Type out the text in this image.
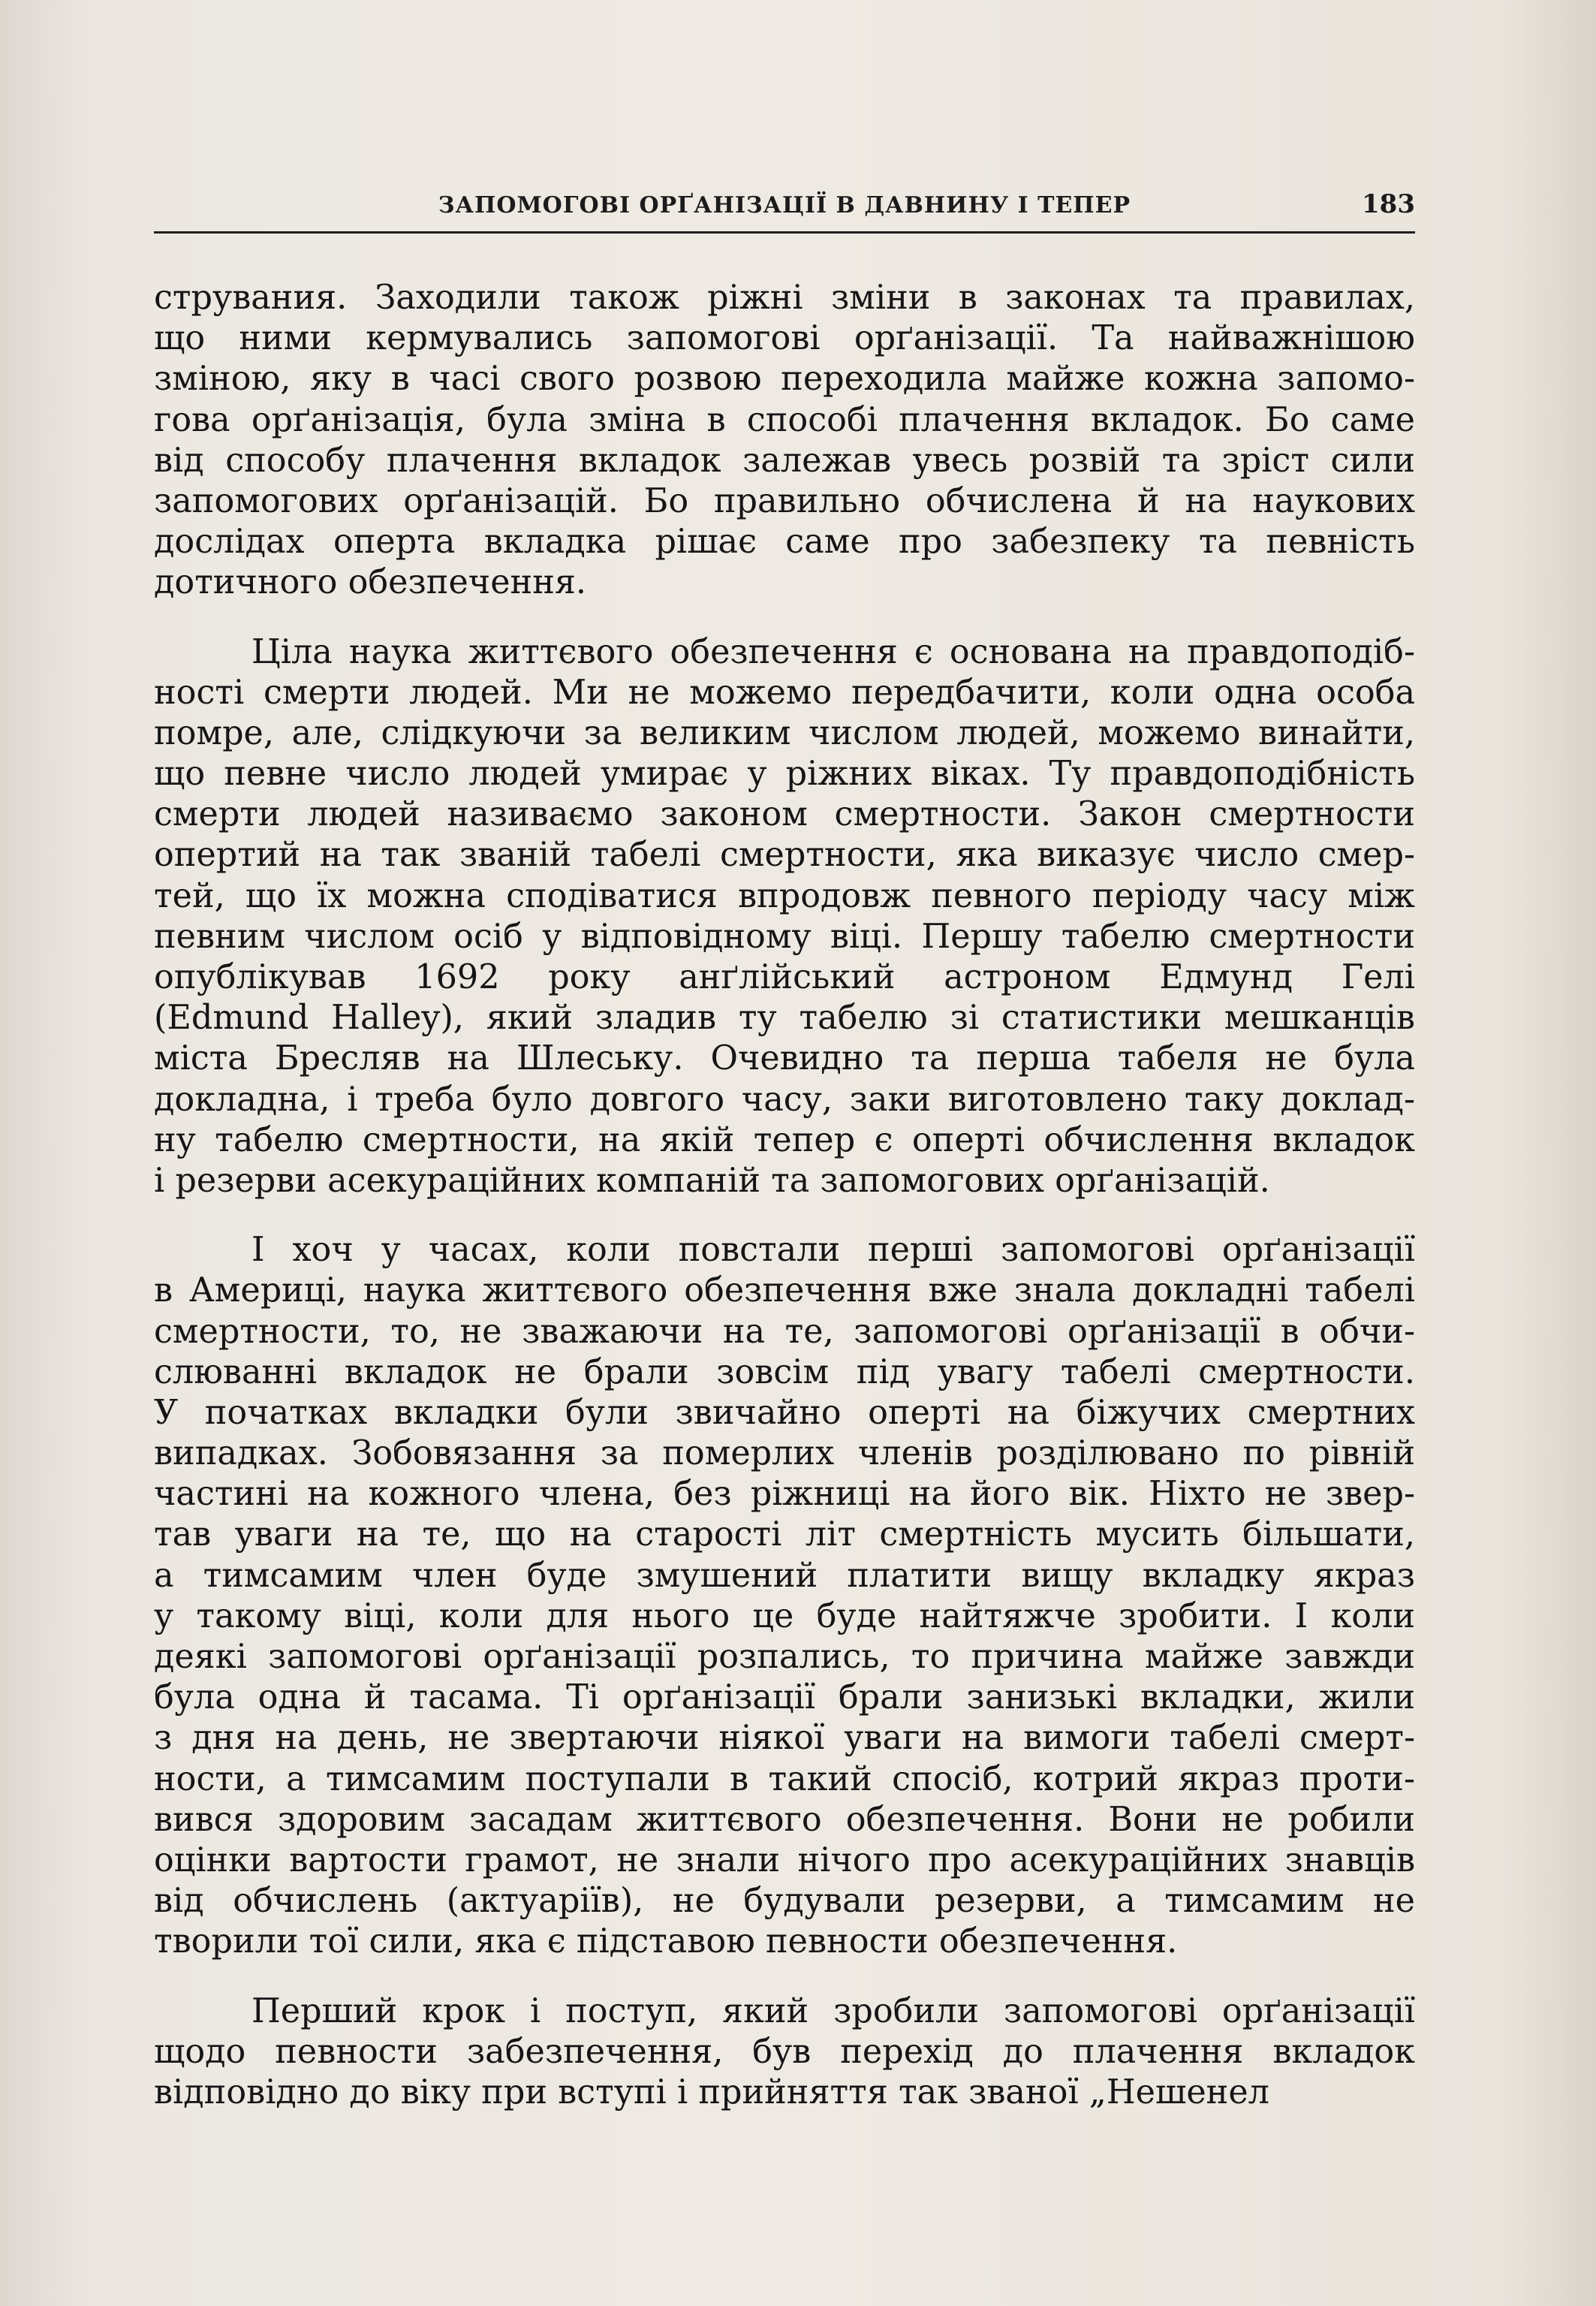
ЗАПОМОГОВІ ОРҐАНІЗАЦІЇ В ДАВНИНУ І ТЕПЕР	183
струвания. Заходили також ріжні зміни в законах та правилах,
що ними кермувались запомогові орґанізації. Та найважнішою
зміною, яку в часі свого розвою переходила майже кожна запомо-
гова орґанізація, була зміна в способі плачення вкладок. Бо саме
від способу плачення вкладок залежав увесь розвій та зріст сили
запомогових орґанізацій. Бо правильно обчислена й на наукових
дослідах оперта вкладка рішає саме про забезпеку та певність
дотичного обезпечення.
Ціла наука життєвого обезпечення є основана на правдоподіб-
ності смерти людей. Ми не можемо передбачити, коли одна особа
помре, але, слідкуючи за великим числом людей, можемо винайти,
що певне число людей умирає у ріжних віках. Ту правдоподібність
смерти людей називаємо законом смертности. Закон смертности
опертий на так званій табелі смертности, яка виказує число смер-
тей, що їх можна сподіватися впродовж певного періоду часу між
певним числом осіб у відповідному віці. Першу табелю смертности
опублікував 1692 року анґлійський астроном Едмунд Гелі
(Edmund Halley), який зладив ту табелю зі статистики мешканців
міста Бресляв на Шлеську. Очевидно та перша табеля не була
докладна, і треба було довгого часу, заки виготовлено таку доклад-
ну табелю смертности, на якій тепер є оперті обчислення вкладок
і резерви асекураційних компаній та запомогових орґанізацій.
І хоч у часах, коли повстали перші запомогові орґанізації
в Америці, наука життєвого обезпечення вже знала докладні табелі
смертности, то, не зважаючи на те, запомогові орґанізації в обчи-
слюванні вкладок не брали зовсім під увагу табелі смертности.
У початках вкладки були звичайно оперті на біжучих смертних
випадках. Зобовязання за померлих членів розділювано по рівній
частині на кожного члена, без ріжниці на його вік. Ніхто не звер-
тав уваги на те, що на старості літ смертність мусить більшати,
а тимсамим член буде змушений платити вищу вкладку якраз
у такому віці, коли для нього це буде найтяжче зробити. І коли
деякі запомогові орґанізації розпались, то причина майже завжди
була одна й тасама. Ті орґанізації брали занизькі вкладки, жили
з дня на день, не звертаючи ніякої уваги на вимоги табелі смерт-
ности, а тимсамим поступали в такий спосіб, котрий якраз проти-
вився здоровим засадам життєвого обезпечення. Вони не робили
оцінки вартости грамот, не знали нічого про асекураційних знавців
від обчислень (актуаріїв), не будували резерви, а тимсамим не
творили тої сили, яка є підставою певности обезпечення.
Перший крок і поступ, який зробили запомогові орґанізації
щодо певности забезпечення, був перехід до плачення вкладок
відповідно до віку при вступі і прийняття так званої „Нешенел
